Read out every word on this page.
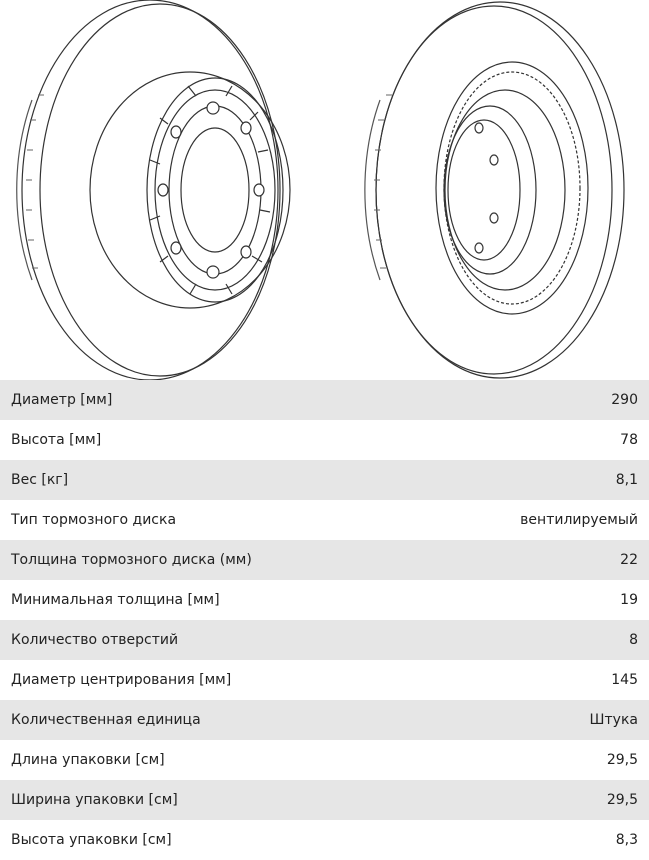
Диаметр [мм]	290
Высота [мм]	78
Вес [кг]	8,1
Тип тормозного диска	вентилируемый
Толщина тормозного диска (мм)	22
Минимальная толщина [мм]	19
Количество отверстий	8
Диаметр центрирования [мм]	145
Количественная единица	Штука
Длина упаковки [см]	29,5
Ширина упаковки [см]	29,5
Высота упаковки [см]	8,3
